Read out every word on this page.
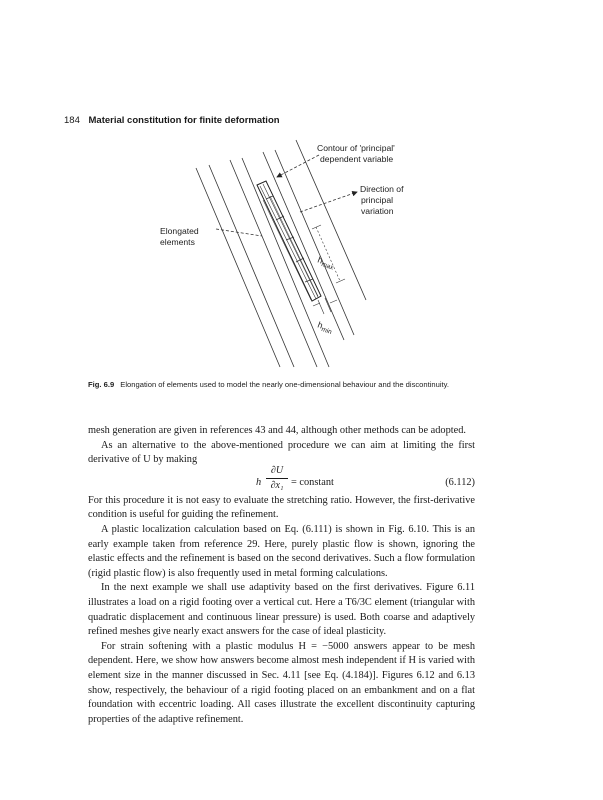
184 Material constitution for finite deformation
Contour of 'principal'
dependent variable
Direction of
principal
variation
Elongated
elements
h
max
h
min
Fig. 6.9 Elongation of elements used to model the nearly one-dimensional behaviour and the discontinuity.

mesh generation are given in references 43 and 44, although other methods can be adopted.

As an alternative to the above-mentioned procedure we can aim at limiting the first derivative of U by making

h
∂U
∂x₁ = constant	(6.112)

For this procedure it is not easy to evaluate the stretching ratio. However, the first-derivative condition is useful for guiding the refinement.

A plastic localization calculation based on Eq. (6.111) is shown in Fig. 6.10. This is an early example taken from reference 29. Here, purely plastic flow is shown, ignoring the elastic effects and the refinement is based on the second derivatives. Such a flow formulation (rigid plastic flow) is also frequently used in metal forming calculations.

In the next example we shall use adaptivity based on the first derivatives. Figure 6.11 illustrates a load on a rigid footing over a vertical cut. Here a T6/3C element (triangular with quadratic displacement and continuous linear pressure) is used. Both coarse and adaptively refined meshes give nearly exact answers for the case of ideal plasticity.

For strain softening with a plastic modulus H = −5000 answers appear to be mesh dependent. Here, we show how answers become almost mesh independent if H is varied with element size in the manner discussed in Sec. 4.11 [see Eq. (4.184)]. Figures 6.12 and 6.13 show, respectively, the behaviour of a rigid footing placed on an embankment and on a flat foundation with eccentric loading. All cases illustrate the excellent discontinuity capturing properties of the adaptive refinement.
